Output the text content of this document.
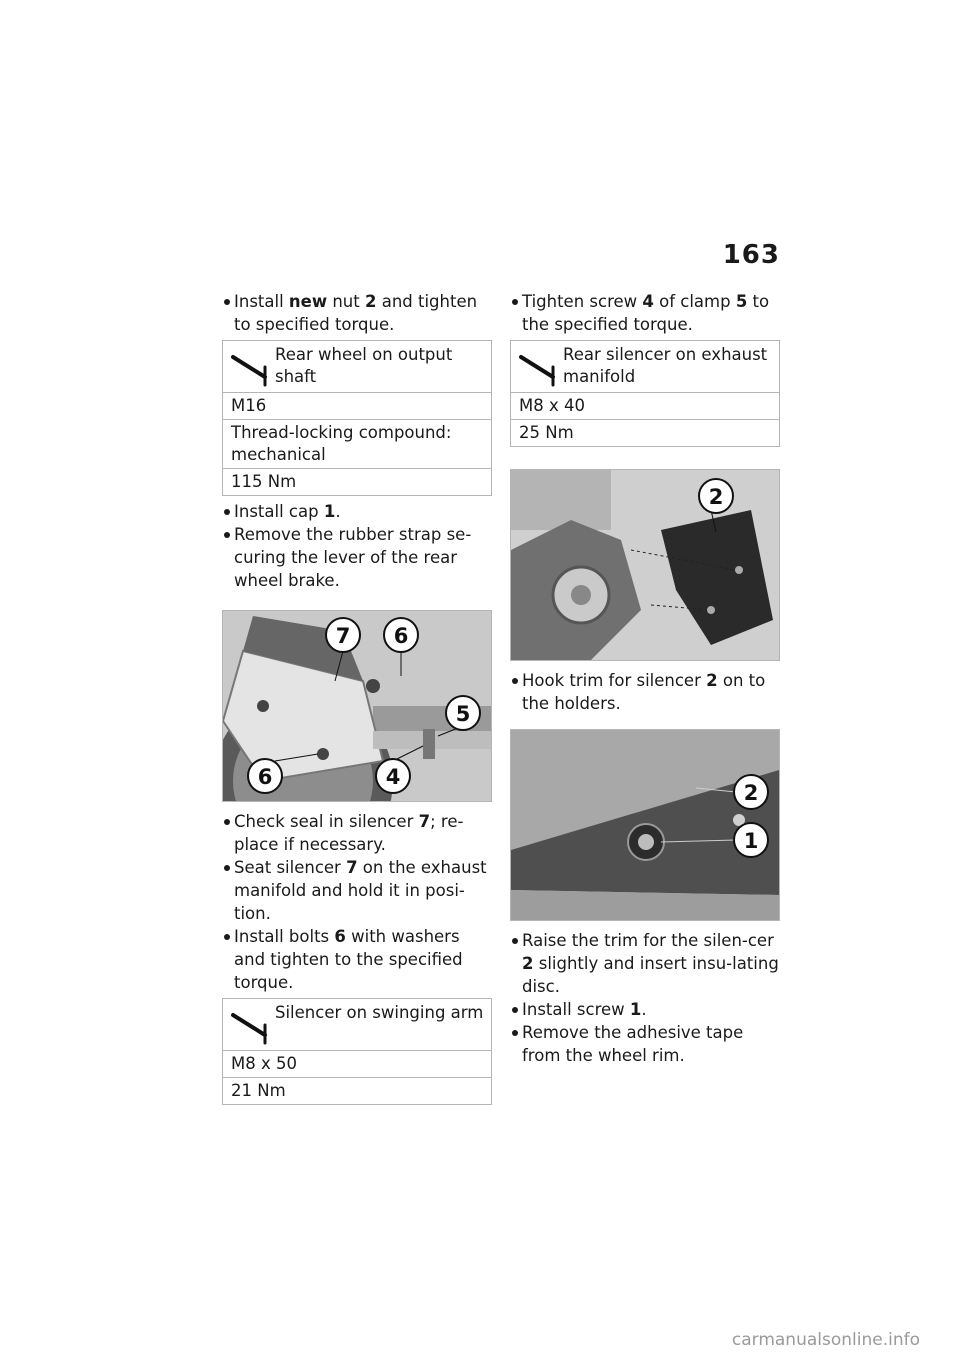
163
Install new nut 2 and tighten to specified torque.
Rear wheel on output shaft
M16
Thread-locking compound: mechanical
115 Nm
Install cap 1.
Remove the rubber strap se-curing the lever of the rear wheel brake.
7 6
5
6	4
Check seal in silencer 7; re-place if necessary.
Seat silencer 7 on the exhaust manifold and hold it in posi-tion.
Install bolts 6 with washers and tighten to the specified torque.
Silencer on swinging arm
M8 x 50
21 Nm
Tighten screw 4 of clamp 5 to the specified torque.
Rear silencer on exhaust manifold
M8 x 40
25 Nm
2
Hook trim for silencer 2 on to the holders.
2
1
Raise the trim for the silen-cer 2 slightly and insert insu-lating disc.
Install screw 1.
Remove the adhesive tape from the wheel rim.
carmanualsonline.info
